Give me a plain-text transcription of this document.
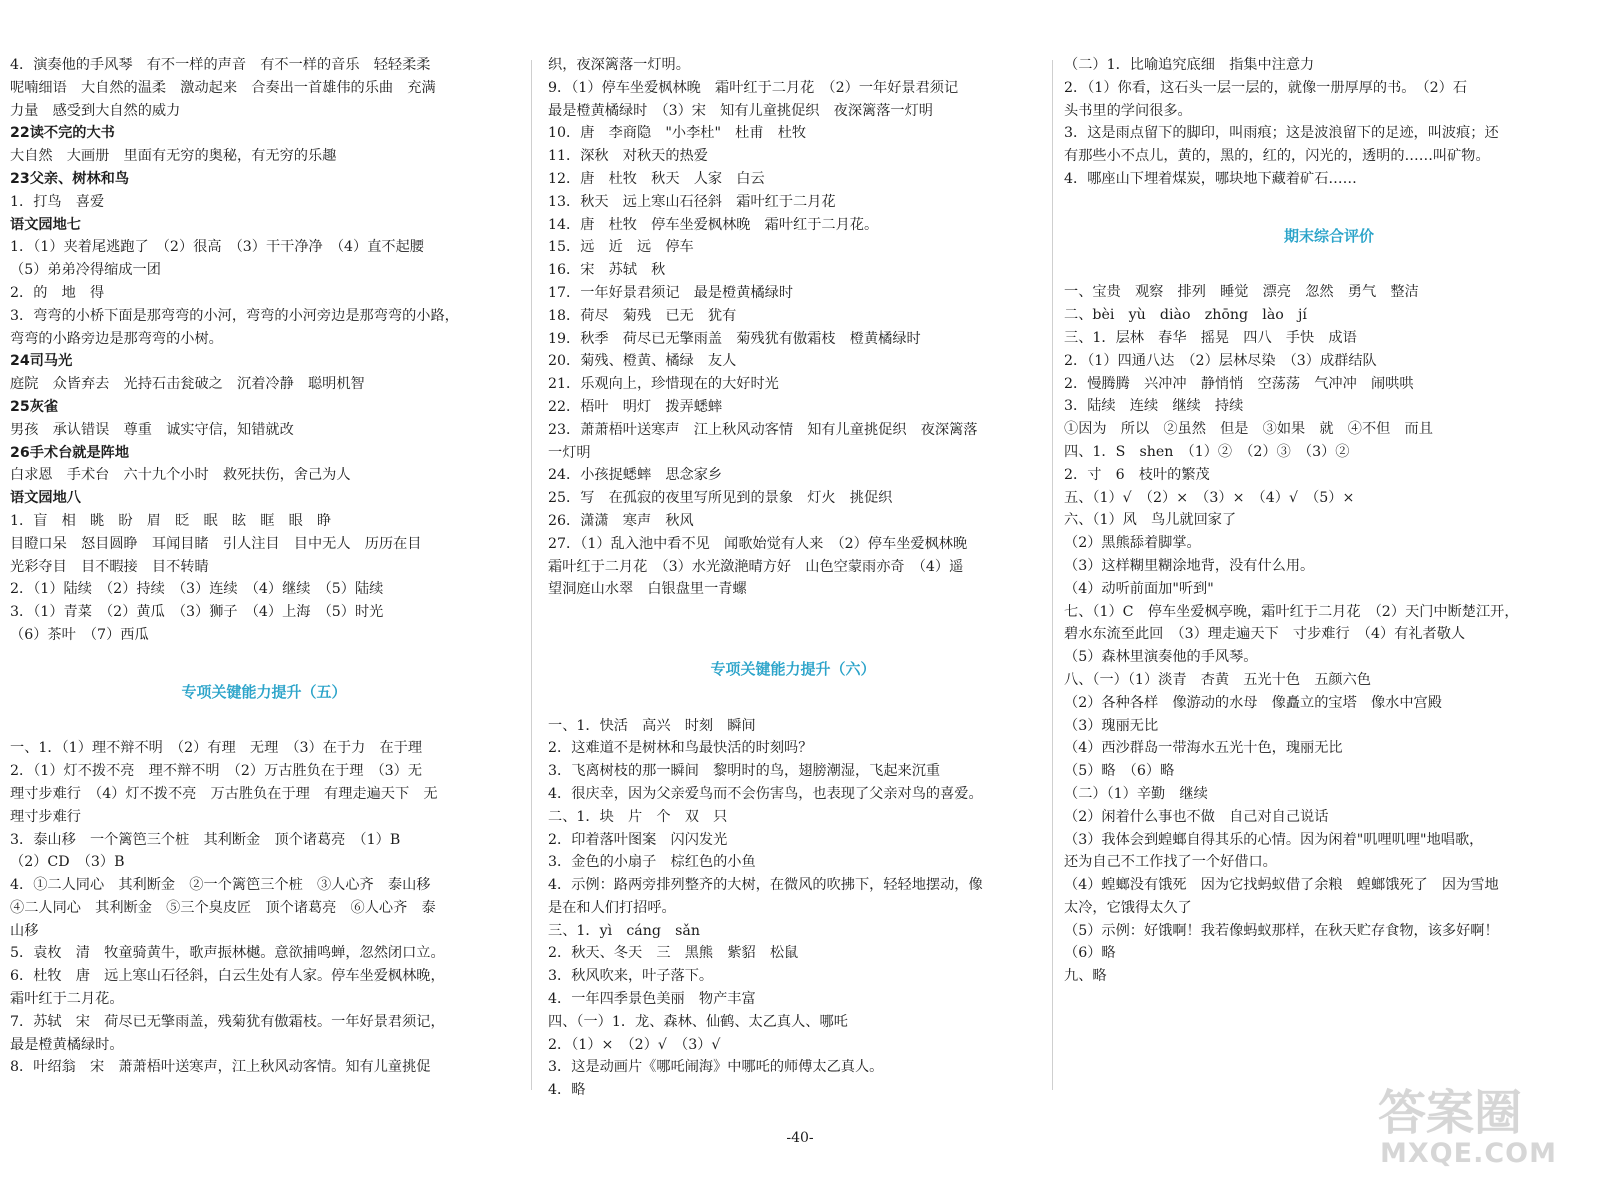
4．演奏他的手风琴　有不一样的声音　有不一样的音乐　轻轻柔柔
呢喃细语　大自然的温柔　激动起来　合奏出一首雄伟的乐曲　充满
力量　感受到大自然的威力
22读不完的大书
大自然　大画册　里面有无穷的奥秘，有无穷的乐趣
23父亲、树林和鸟
1．打鸟　喜爱
语文园地七
1．（1）夹着尾逃跑了　（2）很高　（3）干干净净　（4）直不起腰
（5）弟弟冷得缩成一团
2．的　地　得
3．弯弯的小桥下面是那弯弯的小河，弯弯的小河旁边是那弯弯的小路，
弯弯的小路旁边是那弯弯的小树。
24司马光
庭院　众皆弃去　光持石击瓮破之　沉着冷静　聪明机智
25灰雀
男孩　承认错误　尊重　诚实守信，知错就改
26手术台就是阵地
白求恩　手术台　六十九个小时　救死扶伤，舍己为人
语文园地八
1．盲　相　眺　盼　眉　眨　眠　眩　眶　眼　睁
目瞪口呆　怒目圆睁　耳闻目睹　引人注目　目中无人　历历在目
光彩夺目　目不暇接　目不转睛
2．（1）陆续　（2）持续　（3）连续　（4）继续　（5）陆续
3．（1）青菜　（2）黄瓜　（3）狮子　（4）上海　（5）时光
（6）茶叶　（7）西瓜
专项关键能力提升（五）
一、1．（1）理不辩不明　（2）有理　无理　（3）在于力　在于理
2．（1）灯不拨不亮　理不辩不明　（2）万古胜负在于理　（3）无
理寸步难行　（4）灯不拨不亮　万古胜负在于理　有理走遍天下　无
理寸步难行
3．泰山移　一个篱笆三个桩　其利断金　顶个诸葛亮　（1）B
（2）CD　（3）B
4．①二人同心　其利断金　②一个篱笆三个桩　③人心齐　泰山移
④二人同心　其利断金　⑤三个臭皮匠　顶个诸葛亮　⑥人心齐　泰
山移
5．袁枚　清　牧童骑黄牛，歌声振林樾。意欲捕鸣蝉，忽然闭口立。
6．杜牧　唐　远上寒山石径斜，白云生处有人家。停车坐爱枫林晚，
霜叶红于二月花。
7．苏轼　宋　荷尽已无擎雨盖，残菊犹有傲霜枝。一年好景君须记，
最是橙黄橘绿时。
8．叶绍翁　宋　萧萧梧叶送寒声，江上秋风动客情。知有儿童挑促
织，夜深篱落一灯明。
9．（1）停车坐爱枫林晚　霜叶红于二月花　（2）一年好景君须记
最是橙黄橘绿时　（3）宋　知有儿童挑促织　夜深篱落一灯明
10．唐　李商隐　"小李杜"　杜甫　杜牧
11．深秋　对秋天的热爱
12．唐　杜牧　秋天　人家　白云
13．秋天　远上寒山石径斜　霜叶红于二月花
14．唐　杜牧　停车坐爱枫林晚　霜叶红于二月花。
15．远　近　远　停车
16．宋　苏轼　秋
17．一年好景君须记　最是橙黄橘绿时
18．荷尽　菊残　已无　犹有
19．秋季　荷尽已无擎雨盖　菊残犹有傲霜枝　橙黄橘绿时
20．菊残、橙黄、橘绿　友人
21．乐观向上，珍惜现在的大好时光
22．梧叶　明灯　拨弄蟋蟀
23．萧萧梧叶送寒声　江上秋风动客情　知有儿童挑促织　夜深篱落
一灯明
24．小孩捉蟋蟀　思念家乡
25．写　在孤寂的夜里写所见到的景象　灯火　挑促织
26．潇潇　寒声　秋风
27．（1）乱入池中看不见　闻歌始觉有人来　（2）停车坐爱枫林晚
霜叶红于二月花　（3）水光潋滟晴方好　山色空蒙雨亦奇　（4）遥
望洞庭山水翠　白银盘里一青螺
专项关键能力提升（六）
一、1．快活　高兴　时刻　瞬间
2．这难道不是树林和鸟最快活的时刻吗？
3．飞离树枝的那一瞬间　黎明时的鸟，翅膀潮湿，飞起来沉重
4．很庆幸，因为父亲爱鸟而不会伤害鸟，也表现了父亲对鸟的喜爱。
二、1．块　片　个　双　只
2．印着落叶图案　闪闪发光
3．金色的小扇子　棕红色的小鱼
4．示例：路两旁排列整齐的大树，在微风的吹拂下，轻轻地摆动，像
是在和人们打招呼。
三、1．yì　cáng　sǎn
2．秋天、冬天　三　黑熊　紫貂　松鼠
3．秋风吹来，叶子落下。
4．一年四季景色美丽　物产丰富
四、（一）1．龙、森林、仙鹤、太乙真人、哪吒
2．（1）×　（2）√　（3）√
3．这是动画片《哪吒闹海》中哪吒的师傅太乙真人。
4．略
（二）1．比喻追究底细　指集中注意力
2．（1）你看，这石头一层一层的，就像一册厚厚的书。　（2）石
头书里的学问很多。
3．这是雨点留下的脚印，叫雨痕；这是波浪留下的足迹，叫波痕；还
有那些小不点儿，黄的，黑的，红的，闪光的，透明的……叫矿物。
4．哪座山下埋着煤炭，哪块地下藏着矿石……
期末综合评价
一、宝贵　观察　排列　睡觉　漂亮　忽然　勇气　整洁
二、bèi　yù　diào　zhōng　lào　jí
三、1．层林　春华　摇晃　四八　手快　成语
2．（1）四通八达　（2）层林尽染　（3）成群结队
2．慢腾腾　兴冲冲　静悄悄　空荡荡　气冲冲　闹哄哄
3．陆续　连续　继续　持续
①因为　所以　②虽然　但是　③如果　就　④不但　而且
四、1．S　shen　（1）②　（2）③　（3）②
2．寸　6　枝叶的繁茂
五、（1）√　（2）×　（3）×　（4）√　（5）×
六、（1）风　鸟儿就回家了
（2）黑熊舔着脚掌。
（3）这样糊里糊涂地背，没有什么用。
（4）动听前面加"听到"
七、（1）C　停车坐爱枫亭晚，霜叶红于二月花　（2）天门中断楚江开，
碧水东流至此回　（3）理走遍天下　寸步难行　（4）有礼者敬人
（5）森林里演奏他的手风琴。
八、（一）（1）淡青　杏黄　五光十色　五颜六色
（2）各种各样　像游动的水母　像矗立的宝塔　像水中宫殿
（3）瑰丽无比
（4）西沙群岛一带海水五光十色，瑰丽无比
（5）略　（6）略
（二）（1）辛勤　继续
（2）闲着什么事也不做　自己对自己说话
（3）我体会到蝗螂自得其乐的心情。因为闲着"叽哩叽哩"地唱歌，
还为自己不工作找了一个好借口。
（4）蝗螂没有饿死　因为它找蚂蚁借了余粮　蝗螂饿死了　因为雪地
太冷，它饿得太久了
（5）示例：好饿啊！我若像蚂蚁那样，在秋天贮存食物，该多好啊！
（6）略
九、略
-40-	答案圈
MXQE.COM
